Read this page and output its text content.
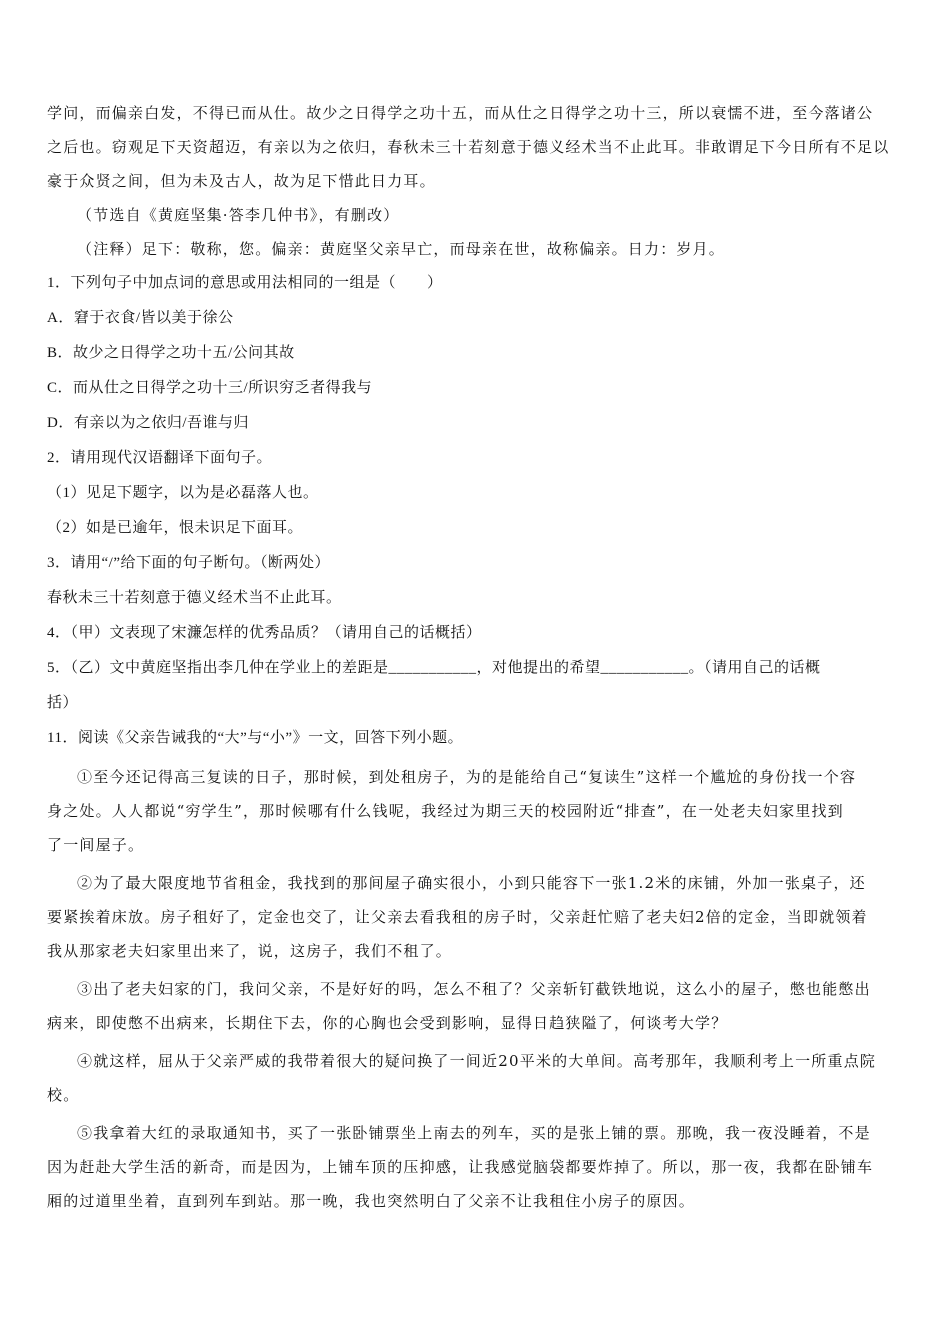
学问，而偏亲白发，不得已而从仕。故少之日得学之功十五，而从仕之日得学之功十三，所以衰懦不进，至今落诸公
之后也。窃观足下天资超迈，有亲以为之依归，春秋未三十若刻意于德义经术当不止此耳。非敢谓足下今日所有不足以
豪于众贤之间，但为未及古人，故为足下惜此日力耳。
（节选自《黄庭坚集·答李几仲书》，有删改）
（注释）足下：敬称，您。偏亲：黄庭坚父亲早亡，而母亲在世，故称偏亲。日力：岁月。
1．下列句子中加点词的意思或用法相同的一组是（　　）
A．窘于衣食/皆以美于徐公
B．故少之日得学之功十五/公问其故
C．而从仕之日得学之功十三/所识穷乏者得我与
D．有亲以为之依归/吾谁与归
2．请用现代汉语翻译下面句子。
（1）见足下题字，以为是必磊落人也。
（2）如是已逾年，恨未识足下面耳。
3．请用“/”给下面的句子断句。（断两处）
春秋未三十若刻意于德义经术当不止此耳。
4．（甲）文表现了宋濂怎样的优秀品质？（请用自己的话概括）
5．（乙）文中黄庭坚指出李几仲在学业上的差距是___________，对他提出的希望___________。（请用自己的话概
括）
11．阅读《父亲告诫我的“大”与“小”》一文，回答下列小题。
①至今还记得高三复读的日子，那时候，到处租房子，为的是能给自己“复读生”这样一个尴尬的身份找一个容
身之处。人人都说“穷学生”，那时候哪有什么钱呢，我经过为期三天的校园附近“排查”，在一处老夫妇家里找到
了一间屋子。
②为了最大限度地节省租金，我找到的那间屋子确实很小，小到只能容下一张1.2米的床铺，外加一张桌子，还
要紧挨着床放。房子租好了，定金也交了，让父亲去看我租的房子时，父亲赶忙赔了老夫妇2倍的定金，当即就领着
我从那家老夫妇家里出来了，说，这房子，我们不租了。
③出了老夫妇家的门，我问父亲，不是好好的吗，怎么不租了？父亲斩钉截铁地说，这么小的屋子，憋也能憋出
病来，即使憋不出病来，长期住下去，你的心胸也会受到影响，显得日趋狭隘了，何谈考大学？
④就这样，屈从于父亲严威的我带着很大的疑问换了一间近20平米的大单间。高考那年，我顺利考上一所重点院
校。
⑤我拿着大红的录取通知书，买了一张卧铺票坐上南去的列车，买的是张上铺的票。那晚，我一夜没睡着，不是
因为赶赴大学生活的新奇，而是因为，上铺车顶的压抑感，让我感觉脑袋都要炸掉了。所以，那一夜，我都在卧铺车
厢的过道里坐着，直到列车到站。那一晚，我也突然明白了父亲不让我租住小房子的原因。
